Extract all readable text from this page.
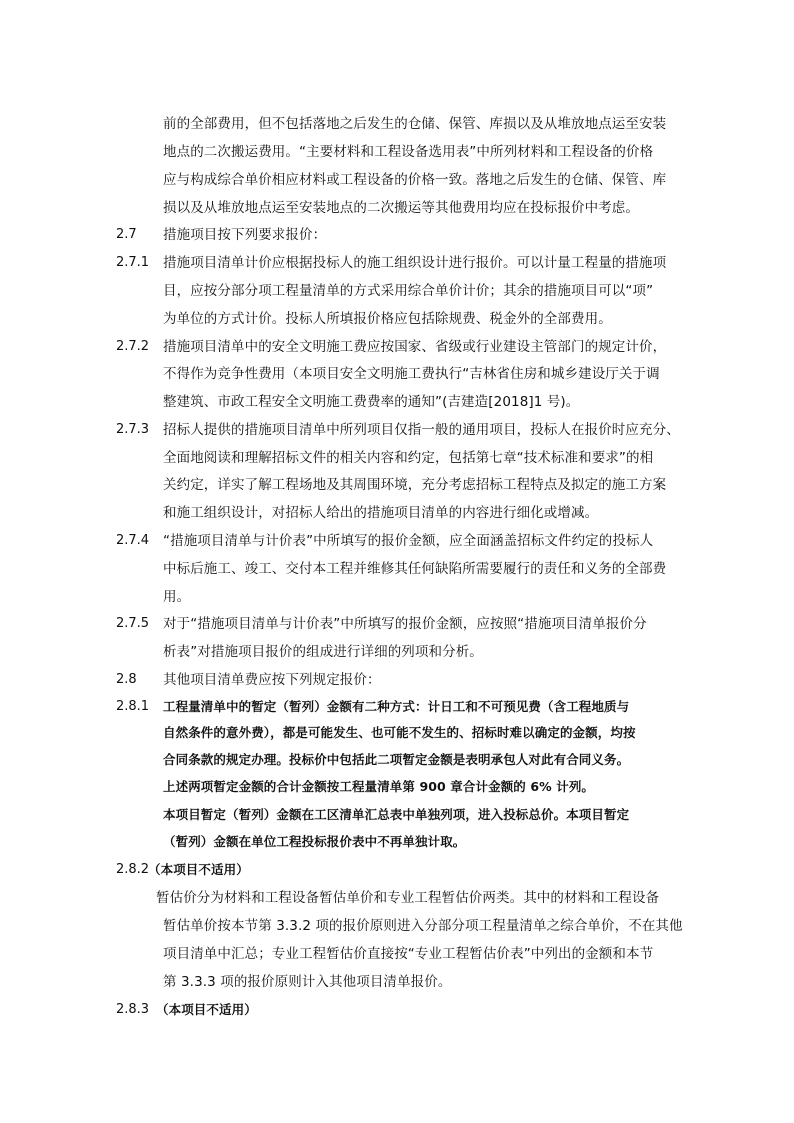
前的全部费用，但不包括落地之后发生的仓储、保管、库损以及从堆放地点运至安装
地点的二次搬运费用。“主要材料和工程设备选用表”中所列材料和工程设备的价格
应与构成综合单价相应材料或工程设备的价格一致。落地之后发生的仓储、保管、库
损以及从堆放地点运至安装地点的二次搬运等其他费用均应在投标报价中考虑。
2.7 措施项目按下列要求报价：
2.7.1 措施项目清单计价应根据投标人的施工组织设计进行报价。可以计量工程量的措施项
目，应按分部分项工程量清单的方式采用综合单价计价；其余的措施项目可以“项”
为单位的方式计价。投标人所填报价格应包括除规费、税金外的全部费用。
2.7.2 措施项目清单中的安全文明施工费应按国家、省级或行业建设主管部门的规定计价，
不得作为竞争性费用（本项目安全文明施工费执行“吉林省住房和城乡建设厅关于调
整建筑、市政工程安全文明施工费费率的通知”(吉建造[2018]1 号)。
2.7.3 招标人提供的措施项目清单中所列项目仅指一般的通用项目，投标人在报价时应充分、
全面地阅读和理解招标文件的相关内容和约定，包括第七章“技术标准和要求”的相
关约定，详实了解工程场地及其周围环境，充分考虑招标工程特点及拟定的施工方案
和施工组织设计，对招标人给出的措施项目清单的内容进行细化或增减。
2.7.4 “措施项目清单与计价表”中所填写的报价金额，应全面涵盖招标文件约定的投标人
中标后施工、竣工、交付本工程并维修其任何缺陷所需要履行的责任和义务的全部费
用。
2.7.5 对于“措施项目清单与计价表”中所填写的报价金额，应按照“措施项目清单报价分
析表”对措施项目报价的组成进行详细的列项和分析。
2.8 其他项目清单费应按下列规定报价：
2.8.1 工程量清单中的暂定（暂列）金额有二种方式：计日工和不可预见费（含工程地质与
自然条件的意外费），都是可能发生、也可能不发生的、招标时难以确定的金额，均按
合同条款的规定办理。投标价中包括此二项暂定金额是表明承包人对此有合同义务。
上述两项暂定金额的合计金额按工程量清单第 900 章合计金额的 6% 计列。
本项目暂定（暂列）金额在工区清单汇总表中单独列项，进入投标总价。本项目暂定
（暂列）金额在单位工程投标报价表中不再单独计取。
2.8.2
（本项目不适用）
暂估价分为材料和工程设备暂估单价和专业工程暂估价两类。其中的材料和工程设备
暂估单价按本节第 3.3.2 项的报价原则进入分部分项工程量清单之综合单价，不在其他
项目清单中汇总；专业工程暂估价直接按“专业工程暂估价表”中列出的金额和本节
第 3.3.3 项的报价原则计入其他项目清单报价。
2.8.3 （本项目不适用）
